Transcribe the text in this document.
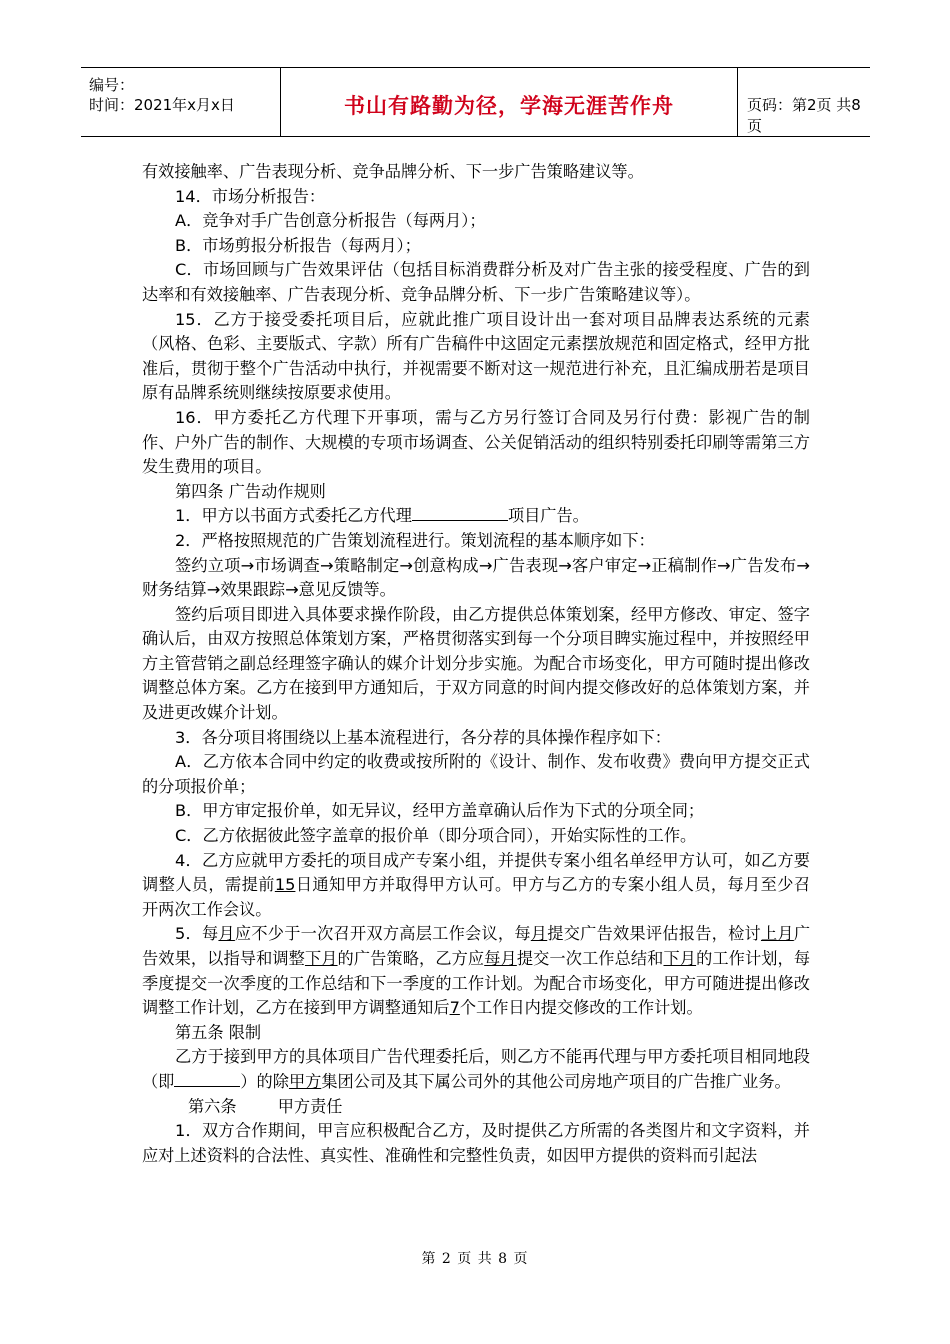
编号：
时间：2021年x月x日	书山有路勤为径，学海无涯苦作舟	页码：第2页 共8页

有效接触率、广告表现分析、竞争品牌分析、下一步广告策略建议等。

14．市场分析报告：

A．竞争对手广告创意分析报告（每两月）；

B．市场剪报分析报告（每两月）；

C．市场回顾与广告效果评估（包括目标消费群分析及对广告主张的接受程度、广告的到达率和有效接触率、广告表现分析、竞争品牌分析、下一步广告策略建议等）。

15．乙方于接受委托项目后，应就此推广项目设计出一套对项目品牌表达系统的元素（风格、色彩、主要版式、字款）所有广告稿件中这固定元素摆放规范和固定格式，经甲方批准后，贯彻于整个广告活动中执行，并视需要不断对这一规范进行补充，且汇编成册若是项目原有品牌系统则继续按原要求使用。

16．甲方委托乙方代理下开事项，需与乙方另行签订合同及另行付费：影视广告的制作、户外广告的制作、大规模的专项市场调查、公关促销活动的组织特别委托印刷等需第三方发生费用的项目。

第四条 广告动作规则

1．甲方以书面方式委托乙方代理	项目广告。

2．严格按照规范的广告策划流程进行。策划流程的基本顺序如下：

签约立项→市场调查→策略制定→创意构成→广告表现→客户审定→正稿制作→广告发布→财务结算→效果跟踪→意见反馈等。

签约后项目即进入具体要求操作阶段，由乙方提供总体策划案，经甲方修改、审定、签字确认后，由双方按照总体策划方案，严格贯彻落实到每一个分项目睥实施过程中，并按照经甲方主管营销之副总经理签字确认的媒介计划分步实施。为配合市场变化，甲方可随时提出修改调整总体方案。乙方在接到甲方通知后，于双方同意的时间内提交修改好的总体策划方案，并及进更改媒介计划。

3．各分项目将围绕以上基本流程进行，各分荐的具体操作程序如下：

A．乙方依本合同中约定的收费或按所附的《设计、制作、发布收费》费向甲方提交正式的分项报价单；

B．甲方审定报价单，如无异议，经甲方盖章确认后作为下式的分项全同；

C．乙方依据彼此签字盖章的报价单（即分项合同），开始实际性的工作。

4．乙方应就甲方委托的项目成产专案小组，并提供专案小组名单经甲方认可，如乙方要调整人员，需提前15日通知甲方并取得甲方认可。甲方与乙方的专案小组人员，每月至少召开两次工作会议。

5．每月应不少于一次召开双方高层工作会议，每月提交广告效果评估报告，检讨上月广告效果，以指导和调整下月的广告策略，乙方应每月提交一次工作总结和下月的工作计划，每季度提交一次季度的工作总结和下一季度的工作计划。为配合市场变化，甲方可随进提出修改调整工作计划，乙方在接到甲方调整通知后7个工作日内提交修改的工作计划。

第五条 限制

乙方于接到甲方的具体项目广告代理委托后，则乙方不能再代理与甲方委托项目相同地段（即	）的除甲方集团公司及其下属公司外的其他公司房地产项目的广告推广业务。

第六条        甲方责任

1．双方合作期间，甲言应积极配合乙方，及时提供乙方所需的各类图片和文字资料，并应对上述资料的合法性、真实性、准确性和完整性负责，如因甲方提供的资料而引起法

第 2 页 共 8 页
